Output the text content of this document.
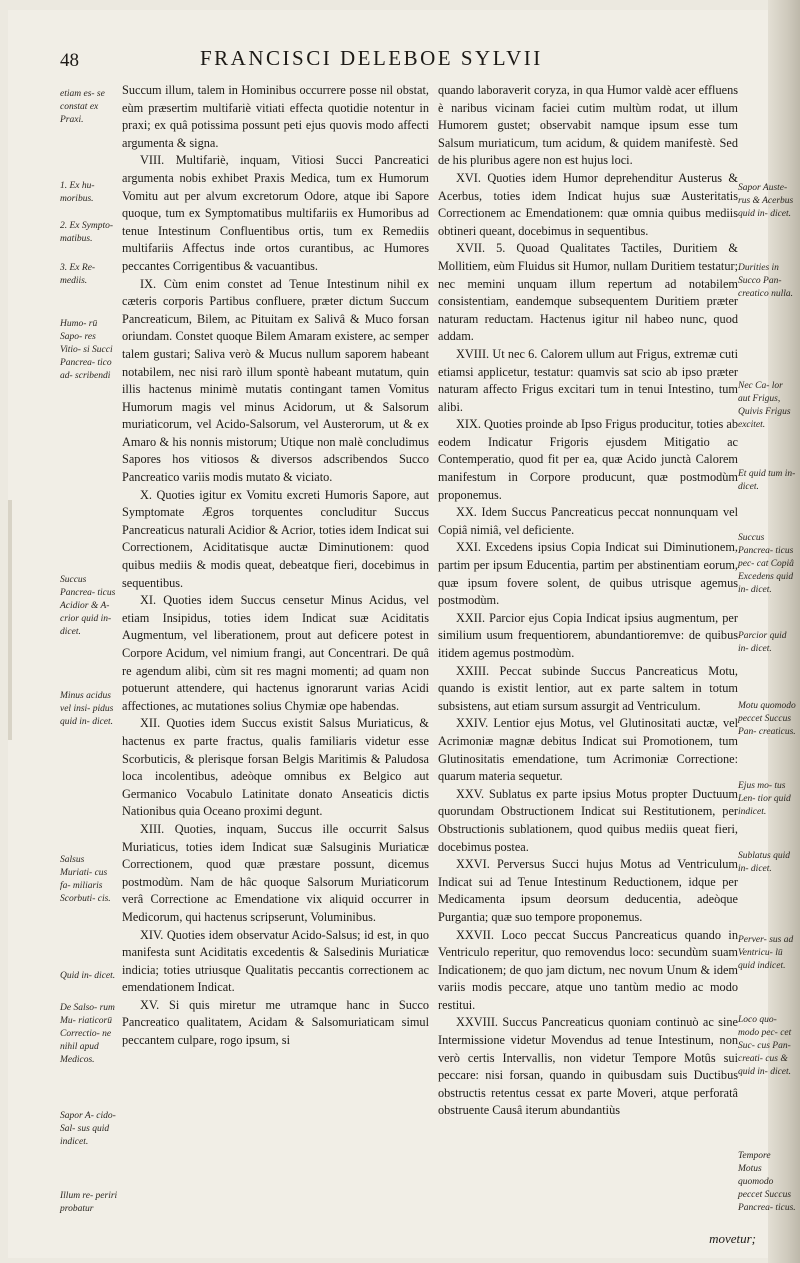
48	FRANCISCI DELEBOE SYLVII
etiam es- se constat ex Praxi.
1. Ex hu- moribus.
2. Ex Sympto- matibus.
3. Ex Re- mediis.
Humo- rū Sapo- res Vitio- si Succi Pancrea- tico ad- scribendi
Succus Pancrea- ticus Acidior & A- crior quid in- dicet.
Minus acidus vel insi- pidus quid in- dicet.
Salsus Muriati- cus fa- miliaris Scorbuti- cis.
Quid in- dicet.
De Salso- rum Mu- riaticorū Correctio- ne nihil apud Medicos.
Sapor A- cido-Sal- sus quid indicet.
Illum re- periri probatur

Succum illum, talem in Hominibus occurrere posse nil obstat, eùm præsertim multifariè vitiati effecta quotidie notentur in praxi; ex quâ potissima possunt peti ejus quovis modo affecti argumenta & signa.

VIII. Multifariè, inquam, Vitiosi Succi Pancreatici argumenta nobis exhibet Praxis Medica, tum ex Humorum Vomitu aut per alvum excretorum Odore, atque ibi Sapore quoque, tum ex Symptomatibus multifariis ex Humoribus ad tenue Intestinum Confluentibus ortis, tum ex Remediis multifariis Affectus inde ortos curantibus, ac Humores peccantes Corrigentibus & vacuantibus.

IX. Cùm enim constet ad Tenue Intestinum nihil ex cæteris corporis Partibus confluere, præter dictum Succum Pancreaticum, Bilem, ac Pituitam ex Salivâ & Muco forsan oriundam. Constet quoque Bilem Amaram existere, ac semper talem gustari; Saliva verò & Mucus nullum saporem habeant notabilem, nec nisi rarò illum spontè habeant mutatum, quin illis hactenus minimè mutatis contingant tamen Vomitus Humorum magis vel minus Acidorum, ut & Salsorum muriaticorum, vel Acido-Salsorum, vel Austerorum, ut & ex Amaro & his nonnis mistorum; Utique non malè concludimus Sapores hos vitiosos & diversos adscribendos Succo Pancreatico variis modis mutato & viciato.

X. Quoties igitur ex Vomitu excreti Humoris Sapore, aut Symptomate Ægros torquentes concluditur Succus Pancreaticus naturali Acidior & Acrior, toties idem Indicat sui Correctionem, Aciditatisque auctæ Diminutionem: quod quibus mediis & modis queat, debeatque fieri, docebimus in sequentibus.

XI. Quoties idem Succus censetur Minus Acidus, vel etiam Insipidus, toties idem Indicat suæ Aciditatis Augmentum, vel liberationem, prout aut deficere potest in Corpore Acidum, vel nimium frangi, aut Concentrari. De quâ re agendum alibi, cùm sit res magni momenti; ad quam non potuerunt attendere, qui hactenus ignorarunt varias Acidi affectiones, ac mutationes solius Chymiæ ope habendas.

XII. Quoties idem Succus existit Salsus Muriaticus, & hactenus ex parte fractus, qualis familiaris videtur esse Scorbuticis, & plerisque forsan Belgis Maritimis & Paludosa loca incolentibus, adeòque omnibus ex Belgico aut Germanico Vocabulo Latinitate donato Anseaticis dictis Nationibus quia Oceano proximi degunt.

XIII. Quoties, inquam, Succus ille occurrit Salsus Muriaticus, toties idem Indicat suæ Salsuginis Muriaticæ Correctionem, quod quæ præstare possunt, dicemus postmodùm. Nam de hâc quoque Salsorum Muriaticorum verâ Correctione ac Emendatione vix aliquid occurrer in Medicorum, qui hactenus scripserunt, Voluminibus.

XIV. Quoties idem observatur Acido-Salsus; id est, in quo manifesta sunt Aciditatis excedentis & Salsedinis Muriaticæ indicia; toties utriusque Qualitatis peccantis correctionem ac emendationem Indicat.

XV. Si quis miretur me utramque hanc in Succo Pancreatico qualitatem, Acidam & Salsomuriaticam simul peccantem culpare, rogo ipsum, si

quando laboraverit coryza, in qua Humor valdè acer effluens è naribus vicinam faciei cutim multùm rodat, ut illum Humorem gustet; observabit namque ipsum esse tum Salsum muriaticum, tum acidum, & quidem manifestè. Sed de his pluribus agere non est hujus loci.

XVI. Quoties idem Humor deprehenditur Austerus & Acerbus, toties idem Indicat hujus suæ Austeritatis Correctionem ac Emendationem: quæ omnia quibus mediis obtineri queant, docebimus in sequentibus.

XVII. 5. Quoad Qualitates Tactiles, Duritiem & Mollitiem, eùm Fluidus sit Humor, nullam Duritiem testatur; nec memini unquam illum repertum ad notabilem consistentiam, eandemque subsequentem Duritiem præter naturam reductam. Hactenus igitur nil habeo nunc, quod addam.

XVIII. Ut nec 6. Calorem ullum aut Frigus, extremæ cuti etiamsi applicetur, testatur: quamvis sat scio ab ipso præter naturam affecto Frigus excitari tum in tenui Intestino, tum alibi.

XIX. Quoties proinde ab Ipso Frigus producitur, toties ab eodem Indicatur Frigoris ejusdem Mitigatio ac Contemperatio, quod fit per ea, quæ Acido junctà Calorem manifestum in Corpore producunt, quæ postmodùm proponemus.

XX. Idem Succus Pancreaticus peccat nonnunquam vel Copiâ nimiâ, vel deficiente.

XXI. Excedens ipsius Copia Indicat sui Diminutionem, partim per ipsum Educentia, partim per abstinentiam eorum, quæ ipsum fovere solent, de quibus utrisque agemus postmodùm.

XXII. Parcior ejus Copia Indicat ipsius augmentum, per similium usum frequentiorem, abundantioremve: de quibus itidem agemus postmodùm.

XXIII. Peccat subinde Succus Pancreaticus Motu, quando is existit lentior, aut ex parte saltem in totum subsistens, aut etiam sursum assurgit ad Ventriculum.

XXIV. Lentior ejus Motus, vel Glutinositati auctæ, vel Acrimoniæ magnæ debitus Indicat sui Promotionem, tum Glutinositatis emendatione, tum Acrimoniæ Correctione: quarum materia sequetur.

XXV. Sublatus ex parte ipsius Motus propter Ductuum quorundam Obstructionem Indicat sui Restitutionem, per Obstructionis sublationem, quod quibus mediis queat fieri, docebimus postea.

XXVI. Perversus Succi hujus Motus ad Ventriculum Indicat sui ad Tenue Intestinum Reductionem, idque per Medicamenta ipsum deorsum deducentia, adeòque Purgantia; quæ suo tempore proponemus.

XXVII. Loco peccat Succus Pancreaticus quando in Ventriculo reperitur, quo removendus loco: secundùm suam Indicationem; de quo jam dictum, nec novum Unum & idem variis modis peccare, atque uno tantùm medio ac modo restitui.

XXVIII. Succus Pancreaticus quoniam continuò ac sine Intermissione videtur Movendus ad tenue Intestinum, non verò certis Intervallis, non videtur Tempore Motûs sui peccare: nisi forsan, quando in quibusdam suis Ductibus obstructis retentus cessat ex parte Moveri, atque perforatâ obstruente Causâ iterum abundantiùs

Sapor Auste- rus & Acerbus quid in- dicet.
Durities in Succo Pan- creatico nulla.
Nec Ca- lor aut Frigus, Quivis Frigus excitet.
Et quid tum in- dicet.
Succus Pancrea- ticus pec- cat Copiâ Excedens quid in- dicet.
Parcior quid in- dicet.
Motu quomodo peccet Succus Pan- creaticus.
Ejus mo- tus Len- tior quid indicet.
Sublatus quid in- dicet.
Perver- sus ad Ventricu- lū quid indicet.
Loco quo- modo pec- cet Suc- cus Pan- creati- cus & quid in- dicet.
Tempore Motus quomodo peccet Succus Pancrea- ticus.
movetur;
